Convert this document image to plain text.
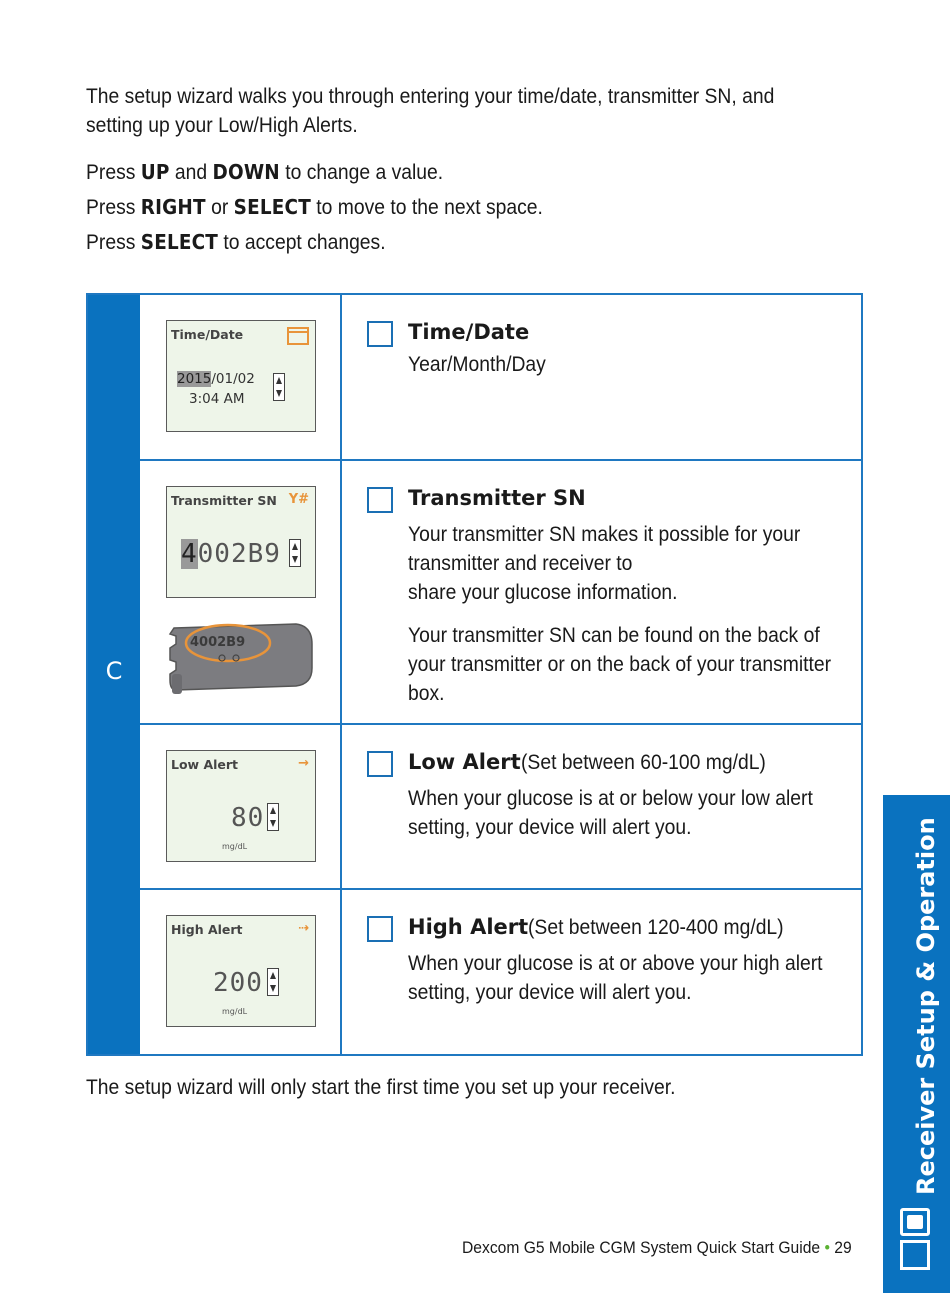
The setup wizard walks you through entering your time/date, transmitter SN, and setting up your Low/High Alerts.

Press UP and DOWN to change a value.

Press RIGHT or SELECT to move to the next space.

Press SELECT to accept changes.

C
Time/Date
2015/01/02
3:04 AM
Time/Date

Year/Month/Day

Transmitter SN Y#
4002B9
4002B9
Transmitter SN

Your transmitter SN makes it possible for your transmitter and receiver to

share your glucose information.

Your transmitter SN can be found on the back of your transmitter or on the back of your transmitter box.

Low Alert	→
80
mg/dL
Low Alert(Set between 60-100 mg/dL)

When your glucose is at or below your low alert setting, your device will alert you.

High Alert	⇢
200
mg/dL
High Alert(Set between 120-400 mg/dL)

When your glucose is at or above your high alert setting, your device will alert you.

The setup wizard will only start the first time you set up your receiver.
Dexcom G5 Mobile CGM System Quick Start Guide • 29
Receiver Setup & Operation
